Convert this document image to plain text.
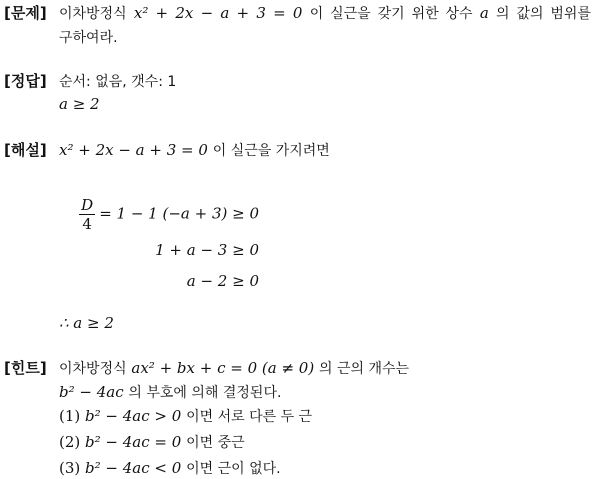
[문제] 이차방정식 x² + 2x − a + 3 = 0 이 실근을 갖기 위한 상수 a 의 값의 범위를
구하여라.
[정답] 순서: 없음, 갯수: 1
a ≥ 2
[해설] x² + 2x − a + 3 = 0 이 실근을 가지려면
$\frac{D}{4} = 1 - 1$ (−a + 3) ≥ 0
1 + a − 3 ≥ 0
a − 2 ≥ 0
∴ a ≥ 2
[힌트] 이차방정식 ax² + bx + c = 0 (a ≠ 0) 의 근의 개수는
b² − 4ac 의 부호에 의해 결정된다.
(1) b² − 4ac > 0 이면 서로 다른 두 근
(2) b² − 4ac = 0 이면 중근
(3) b² − 4ac < 0 이면 근이 없다.
